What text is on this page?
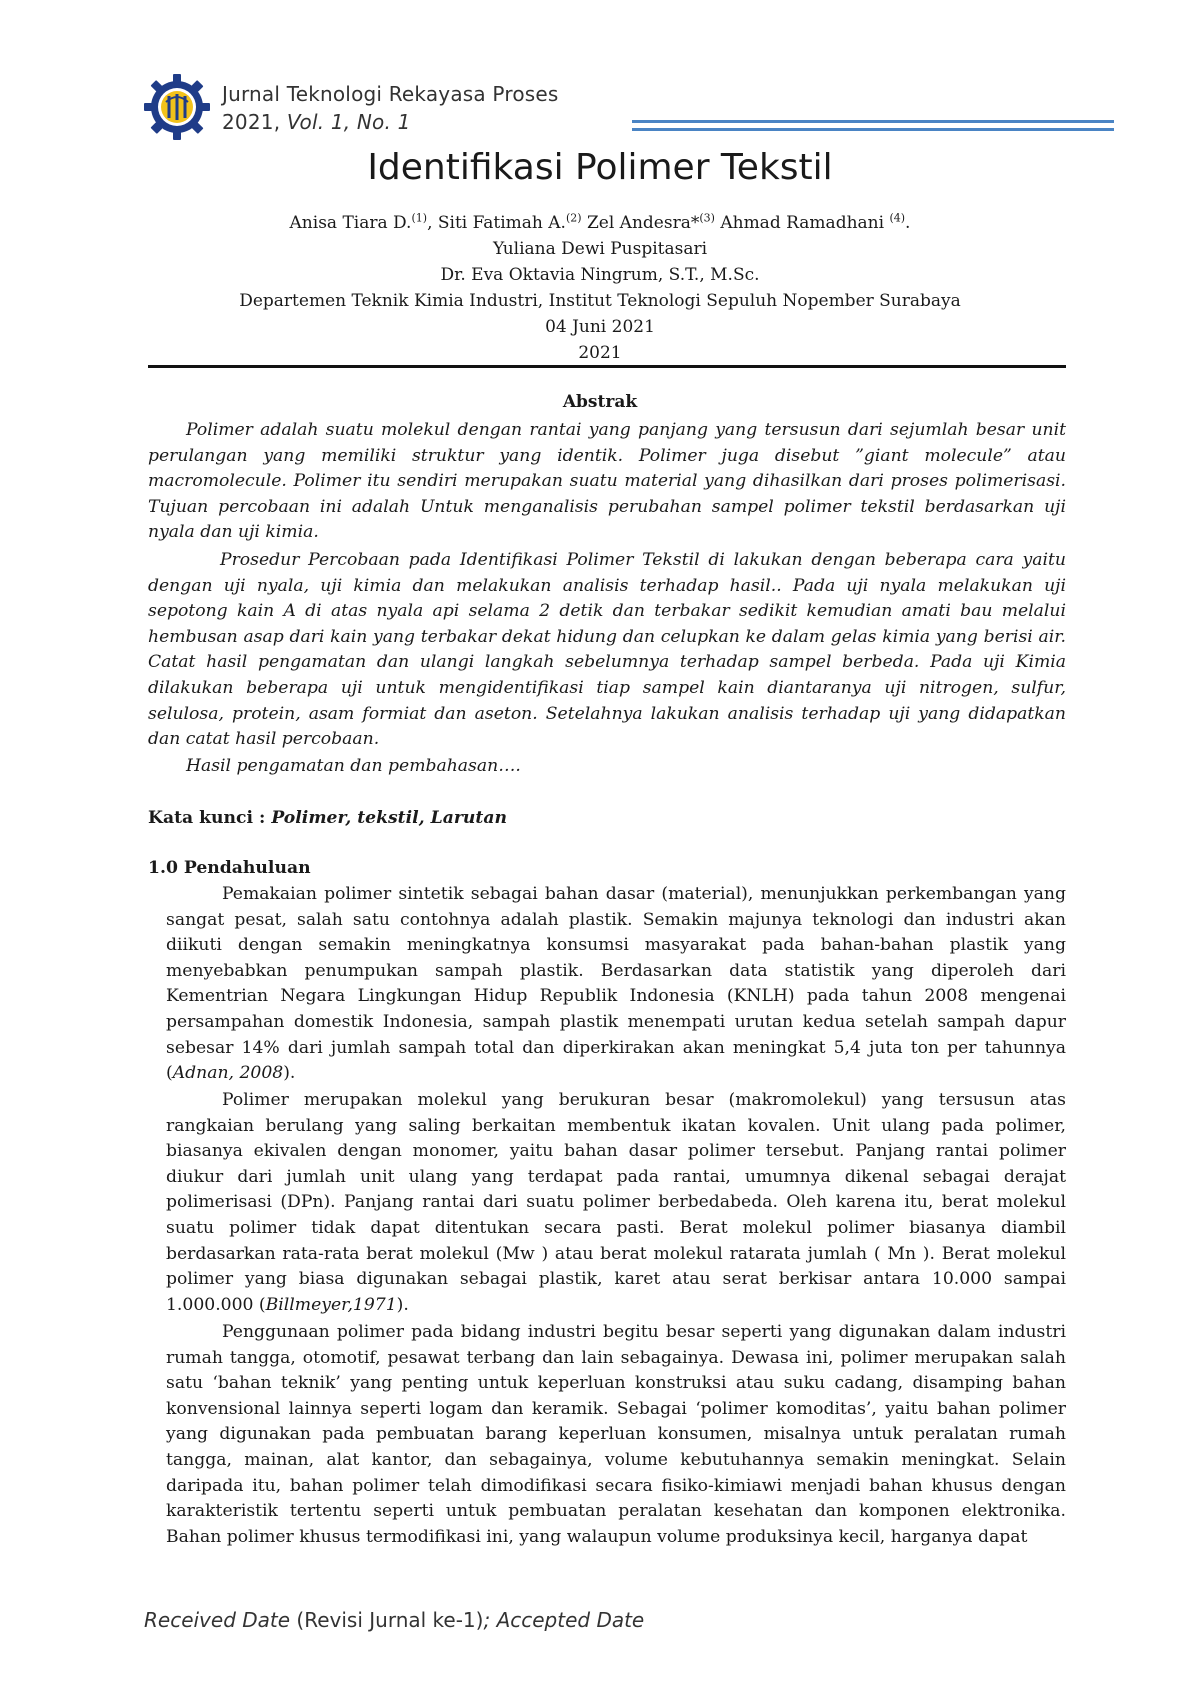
Jurnal Teknologi Rekayasa Proses
2021, Vol. 1, No. 1
Identifikasi Polimer Tekstil
Anisa Tiara D.$^{(1)}$, Siti Fatimah A.$^{(2)}$ Zel Andesra*$^{(3)}$ Ahmad Ramadhani $^{(4)}$.
Yuliana Dewi Puspitasari
Dr. Eva Oktavia Ningrum, S.T., M.Sc.
Departemen Teknik Kimia Industri, Institut Teknologi Sepuluh Nopember Surabaya
04 Juni 2021
2021
Abstrak
Polimer adalah suatu molekul dengan rantai yang panjang yang tersusun dari sejumlah besar unit perulangan yang memiliki struktur yang identik. Polimer juga disebut ”giant molecule” atau macromolecule. Polimer itu sendiri merupakan suatu material yang dihasilkan dari proses polimerisasi. Tujuan percobaan ini adalah Untuk menganalisis perubahan sampel polimer tekstil berdasarkan uji nyala dan uji kimia.
Prosedur Percobaan pada Identifikasi Polimer Tekstil di lakukan dengan beberapa cara yaitu dengan uji nyala, uji kimia dan melakukan analisis terhadap hasil.. Pada uji nyala melakukan uji sepotong kain A di atas nyala api selama 2 detik dan terbakar sedikit kemudian amati bau melalui hembusan asap dari kain yang terbakar dekat hidung dan celupkan ke dalam gelas kimia yang berisi air. Catat hasil pengamatan dan ulangi langkah sebelumnya terhadap sampel berbeda. Pada uji Kimia dilakukan beberapa uji untuk mengidentifikasi tiap sampel kain diantaranya uji nitrogen, sulfur, selulosa, protein, asam formiat dan aseton. Setelahnya lakukan analisis terhadap uji yang didapatkan dan catat hasil percobaan.
Hasil pengamatan dan pembahasan….
Kata kunci : Polimer, tekstil, Larutan
1.0 Pendahuluan
Pemakaian polimer sintetik sebagai bahan dasar (material), menunjukkan perkembangan yang sangat pesat, salah satu contohnya adalah plastik. Semakin majunya teknologi dan industri akan diikuti dengan semakin meningkatnya konsumsi masyarakat pada bahan-bahan plastik yang menyebabkan penumpukan sampah plastik. Berdasarkan data statistik yang diperoleh dari Kementrian Negara Lingkungan Hidup Republik Indonesia (KNLH) pada tahun 2008 mengenai persampahan domestik Indonesia, sampah plastik menempati urutan kedua setelah sampah dapur sebesar 14% dari jumlah sampah total dan diperkirakan akan meningkat 5,4 juta ton per tahunnya (Adnan, 2008).
Polimer merupakan molekul yang berukuran besar (makromolekul) yang tersusun atas rangkaian berulang yang saling berkaitan membentuk ikatan kovalen. Unit ulang pada polimer, biasanya ekivalen dengan monomer, yaitu bahan dasar polimer tersebut. Panjang rantai polimer diukur dari jumlah unit ulang yang terdapat pada rantai, umumnya dikenal sebagai derajat polimerisasi (DPn). Panjang rantai dari suatu polimer berbedabeda. Oleh karena itu, berat molekul suatu polimer tidak dapat ditentukan secara pasti. Berat molekul polimer biasanya diambil berdasarkan rata-rata berat molekul (Mw ) atau berat molekul ratarata jumlah ( Mn ). Berat molekul polimer yang biasa digunakan sebagai plastik, karet atau serat berkisar antara 10.000 sampai 1.000.000 (Billmeyer,1971).
Penggunaan polimer pada bidang industri begitu besar seperti yang digunakan dalam industri rumah tangga, otomotif, pesawat terbang dan lain sebagainya. Dewasa ini, polimer merupakan salah satu ‘bahan teknik’ yang penting untuk keperluan konstruksi atau suku cadang, disamping bahan konvensional lainnya seperti logam dan keramik. Sebagai ‘polimer komoditas’, yaitu bahan polimer yang digunakan pada pembuatan barang keperluan konsumen, misalnya untuk peralatan rumah tangga, mainan, alat kantor, dan sebagainya, volume kebutuhannya semakin meningkat. Selain daripada itu, bahan polimer telah dimodifikasi secara fisiko-kimiawi menjadi bahan khusus dengan karakteristik tertentu seperti untuk pembuatan peralatan kesehatan dan komponen elektronika. Bahan polimer khusus termodifikasi ini, yang walaupun volume produksinya kecil, harganya dapat
Received Date (Revisi Jurnal ke-1); Accepted Date
